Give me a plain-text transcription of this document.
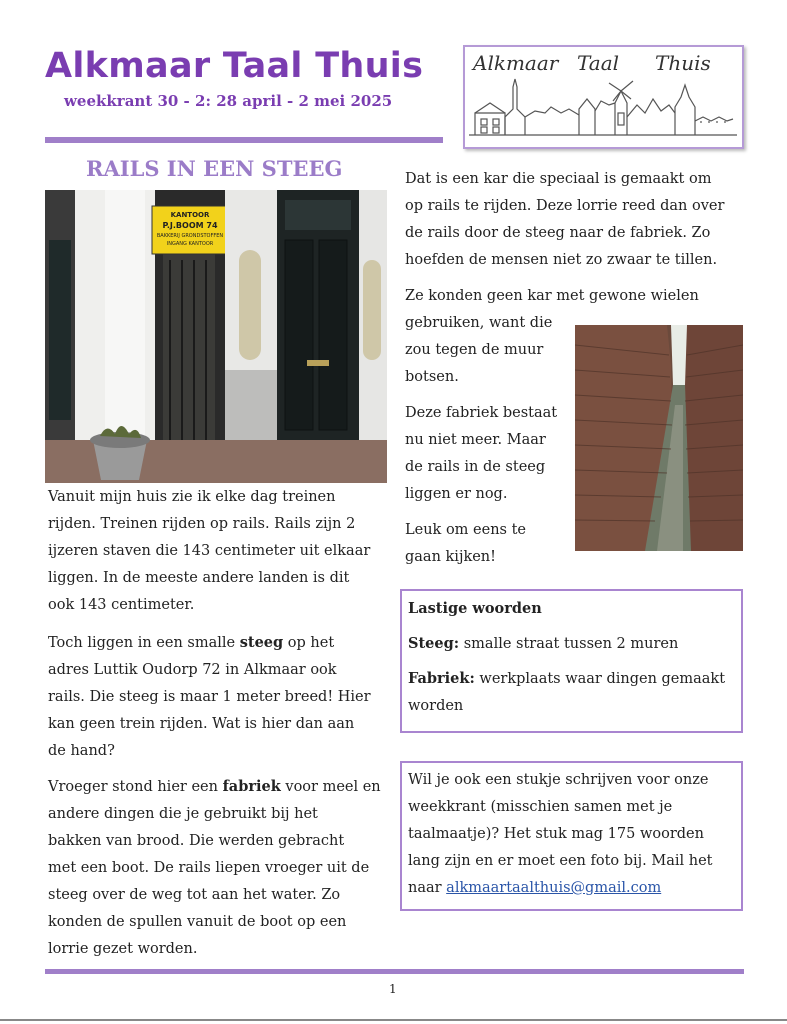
Alkmaar Taal Thuis
weekkrant 30 - 2: 28 april - 2 mei 2025
Alkmaar Taal Thuis
RAILS IN EEN STEEG
KANTOOR
P.J.BOOM 74
BAKKERIJ GRONDSTOFFEN
INGANG KANTOOR
Vanuit mijn huis zie ik elke dag treinen
rijden. Treinen rijden op rails. Rails zijn 2
ijzeren staven die 143 centimeter uit elkaar
liggen. In de meeste andere landen is dit
ook 143 centimeter.
Toch liggen in een smalle steeg op het
adres Luttik Oudorp 72 in Alkmaar ook
rails. Die steeg is maar 1 meter breed! Hier
kan geen trein rijden. Wat is hier dan aan
de hand?
Vroeger stond hier een fabriek voor meel en
andere dingen die je gebruikt bij het
bakken van brood. Die werden gebracht
met een boot. De rails liepen vroeger uit de
steeg over de weg tot aan het water. Zo
konden de spullen vanuit de boot op een
lorrie gezet worden.
Dat is een kar die speciaal is gemaakt om
op rails te rijden. Deze lorrie reed dan over
de rails door de steeg naar de fabriek. Zo
hoefden de mensen niet zo zwaar te tillen.
Ze konden geen kar met gewone wielen
gebruiken, want die
zou tegen de muur
botsen.
Deze fabriek bestaat
nu niet meer. Maar
de rails in de steeg
liggen er nog.
Leuk om eens te
gaan kijken!

Lastige woorden

Steeg: smalle straat tussen 2 muren

Fabriek: werkplaats waar dingen gemaakt

worden

Wil je ook een stukje schrijven voor onze

weekkrant (misschien samen met je

taalmaatje)? Het stuk mag 175 woorden

lang zijn en er moet een foto bij. Mail het

naar alkmaartaalthuis@gmail.com

1
